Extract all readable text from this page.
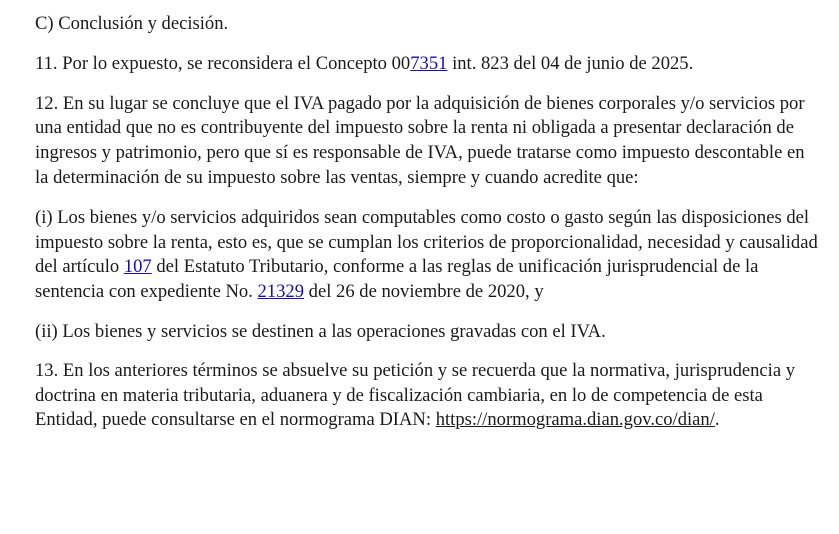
C) Conclusión y decisión.

11. Por lo expuesto, se reconsidera el Concepto 007351 int. 823 del 04 de junio de 2025.

12. En su lugar se concluye que el IVA pagado por la adquisición de bienes corporales y/o servicios por una entidad que no es contribuyente del impuesto sobre la renta ni obligada a presentar declaración de ingresos y patrimonio, pero que sí es responsable de IVA, puede tratarse como impuesto descontable en la determinación de su impuesto sobre las ventas, siempre y cuando acredite que:

(i) Los bienes y/o servicios adquiridos sean computables como costo o gasto según las disposiciones del impuesto sobre la renta, esto es, que se cumplan los criterios de proporcionalidad, necesidad y causalidad del artículo 107 del Estatuto Tributario, conforme a las reglas de unificación jurisprudencial de la sentencia con expediente No. 21329 del 26 de noviembre de 2020, y

(ii) Los bienes y servicios se destinen a las operaciones gravadas con el IVA.

13. En los anteriores términos se absuelve su petición y se recuerda que la normativa, jurisprudencia y doctrina en materia tributaria, aduanera y de fiscalización cambiaria, en lo de competencia de esta Entidad, puede consultarse en el normograma DIAN: https://normograma.dian.gov.co/dian/.
